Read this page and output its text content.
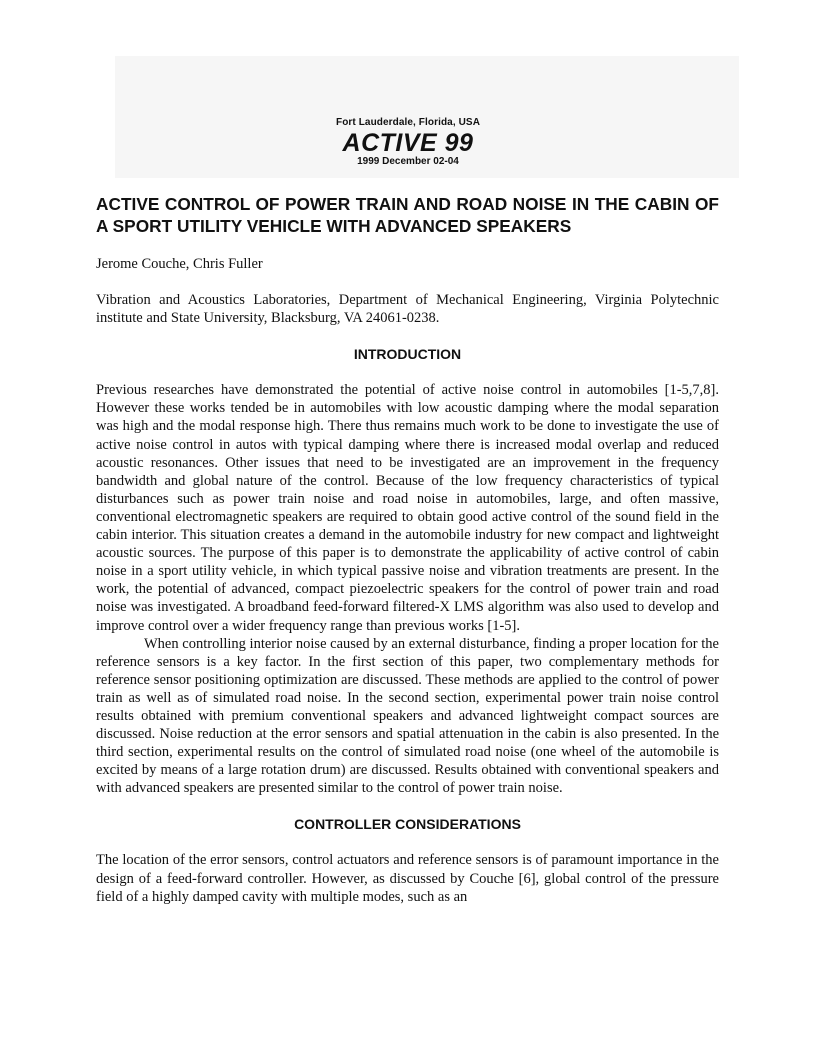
Fort Lauderdale, Florida, USA
ACTIVE 99
1999 December 02-04
ACTIVE CONTROL OF POWER TRAIN AND ROAD NOISE IN THE CABIN OF A SPORT UTILITY VEHICLE WITH ADVANCED SPEAKERS

Jerome Couche, Chris Fuller

Vibration and Acoustics Laboratories, Department of Mechanical Engineering, Virginia Polytechnic institute and State University, Blacksburg, VA 24061-0238.

INTRODUCTION

Previous researches have demonstrated the potential of active noise control in automobiles [1-5,7,8]. However these works tended be in automobiles with low acoustic damping where the modal separation was high and the modal response high. There thus remains much work to be done to investigate the use of active noise control in autos with typical damping where there is increased modal overlap and reduced acoustic resonances. Other issues that need to be investigated are an improvement in the frequency bandwidth and global nature of the control. Because of the low frequency characteristics of typical disturbances such as power train noise and road noise in automobiles, large, and often massive, conventional electromagnetic speakers are required to obtain good active control of the sound field in the cabin interior. This situation creates a demand in the automobile industry for new compact and lightweight acoustic sources. The purpose of this paper is to demonstrate the applicability of active control of cabin noise in a sport utility vehicle, in which typical passive noise and vibration treatments are present. In the work, the potential of advanced, compact piezoelectric speakers for the control of power train and road noise was investigated. A broadband feed-forward filtered-X LMS algorithm was also used to develop and improve control over a wider frequency range than previous works [1-5].

When controlling interior noise caused by an external disturbance, finding a proper location for the reference sensors is a key factor. In the first section of this paper, two complementary methods for reference sensor positioning optimization are discussed. These methods are applied to the control of power train as well as of simulated road noise. In the second section, experimental power train noise control results obtained with premium conventional speakers and advanced lightweight compact sources are discussed. Noise reduction at the error sensors and spatial attenuation in the cabin is also presented. In the third section, experimental results on the control of simulated road noise (one wheel of the automobile is excited by means of a large rotation drum) are discussed. Results obtained with conventional speakers and with advanced speakers are presented similar to the control of power train noise.

CONTROLLER CONSIDERATIONS

The location of the error sensors, control actuators and reference sensors is of paramount importance in the design of a feed-forward controller. However, as discussed by Couche [6], global control of the pressure field of a highly damped cavity with multiple modes, such as an
